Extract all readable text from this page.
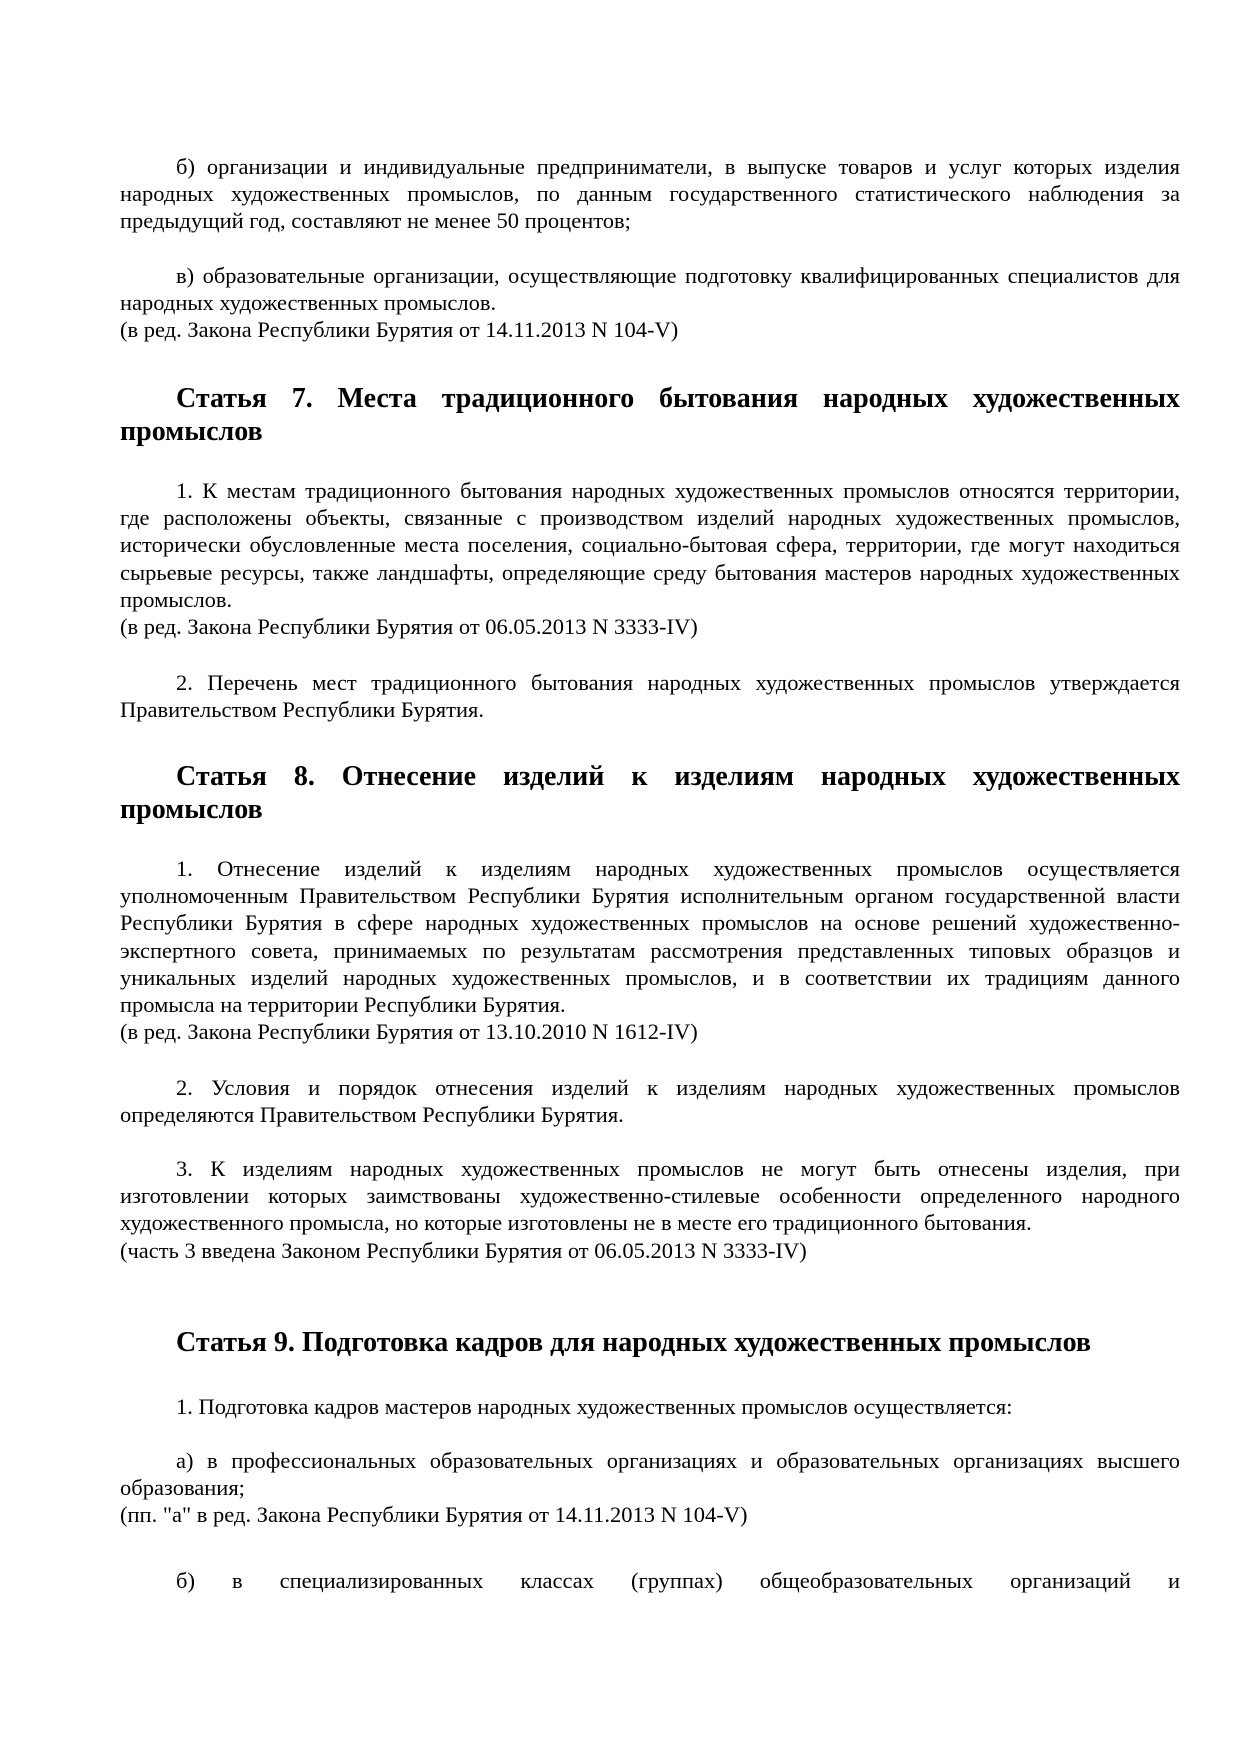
б) организации и индивидуальные предприниматели, в выпуске товаров и услуг которых изделия народных художественных промыслов, по данным государственного статистического наблюдения за предыдущий год, составляют не менее 50 процентов;

в) образовательные организации, осуществляющие подготовку квалифицированных специалистов для народных художественных промыслов.

(в ред. Закона Республики Бурятия от 14.11.2013 N 104-V)

Статья 7. Места традиционного бытования народных художественных промыслов

1. К местам традиционного бытования народных художественных промыслов относятся территории, где расположены объекты, связанные с производством изделий народных художественных промыслов, исторически обусловленные места поселения, социально-бытовая сфера, территории, где могут находиться сырьевые ресурсы, также ландшафты, определяющие среду бытования мастеров народных художественных промыслов.

(в ред. Закона Республики Бурятия от 06.05.2013 N 3333-IV)

2. Перечень мест традиционного бытования народных художественных промыслов утверждается Правительством Республики Бурятия.

Статья 8. Отнесение изделий к изделиям народных художественных промыслов

1. Отнесение изделий к изделиям народных художественных промыслов осуществляется уполномоченным Правительством Республики Бурятия исполнительным органом государственной власти Республики Бурятия в сфере народных художественных промыслов на основе решений художественно-экспертного совета, принимаемых по результатам рассмотрения представленных типовых образцов и уникальных изделий народных художественных промыслов, и в соответствии их традициям данного промысла на территории Республики Бурятия.

(в ред. Закона Республики Бурятия от 13.10.2010 N 1612-IV)

2. Условия и порядок отнесения изделий к изделиям народных художественных промыслов определяются Правительством Республики Бурятия.

3. К изделиям народных художественных промыслов не могут быть отнесены изделия, при изготовлении которых заимствованы художественно-стилевые особенности определенного народного художественного промысла, но которые изготовлены не в месте его традиционного бытования.

(часть 3 введена Законом Республики Бурятия от 06.05.2013 N 3333-IV)

Статья 9. Подготовка кадров для народных художественных промыслов

1. Подготовка кадров мастеров народных художественных промыслов осуществляется:

а) в профессиональных образовательных организациях и образовательных организациях высшего образования;

(пп. "а" в ред. Закона Республики Бурятия от 14.11.2013 N 104-V)

б) в специализированных классах (группах) общеобразовательных организаций и
